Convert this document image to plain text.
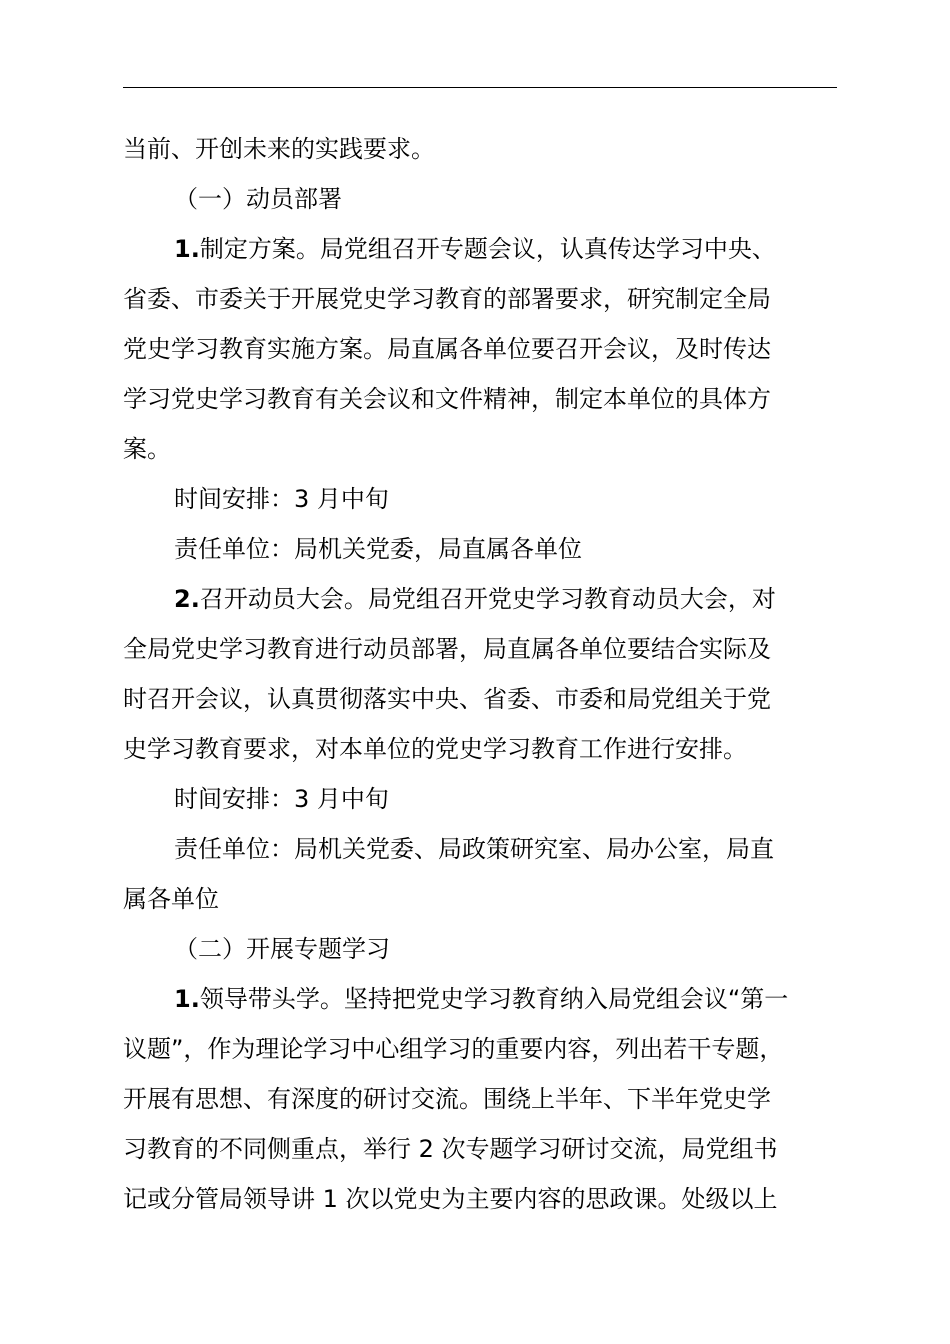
当前、开创未来的实践要求。
（一）动员部署
1.制定方案。局党组召开专题会议，认真传达学习中央、
省委、市委关于开展党史学习教育的部署要求，研究制定全局
党史学习教育实施方案。局直属各单位要召开会议，及时传达
学习党史学习教育有关会议和文件精神，制定本单位的具体方
案。
时间安排：3 月中旬
责任单位：局机关党委，局直属各单位
2.召开动员大会。局党组召开党史学习教育动员大会，对
全局党史学习教育进行动员部署，局直属各单位要结合实际及
时召开会议，认真贯彻落实中央、省委、市委和局党组关于党
史学习教育要求，对本单位的党史学习教育工作进行安排。
时间安排：3 月中旬
责任单位：局机关党委、局政策研究室、局办公室，局直
属各单位
（二）开展专题学习
1.领导带头学。坚持把党史学习教育纳入局党组会议“第一
议题”，作为理论学习中心组学习的重要内容，列出若干专题，
开展有思想、有深度的研讨交流。围绕上半年、下半年党史学
习教育的不同侧重点，举行 2 次专题学习研讨交流，局党组书
记或分管局领导讲 1 次以党史为主要内容的思政课。处级以上
